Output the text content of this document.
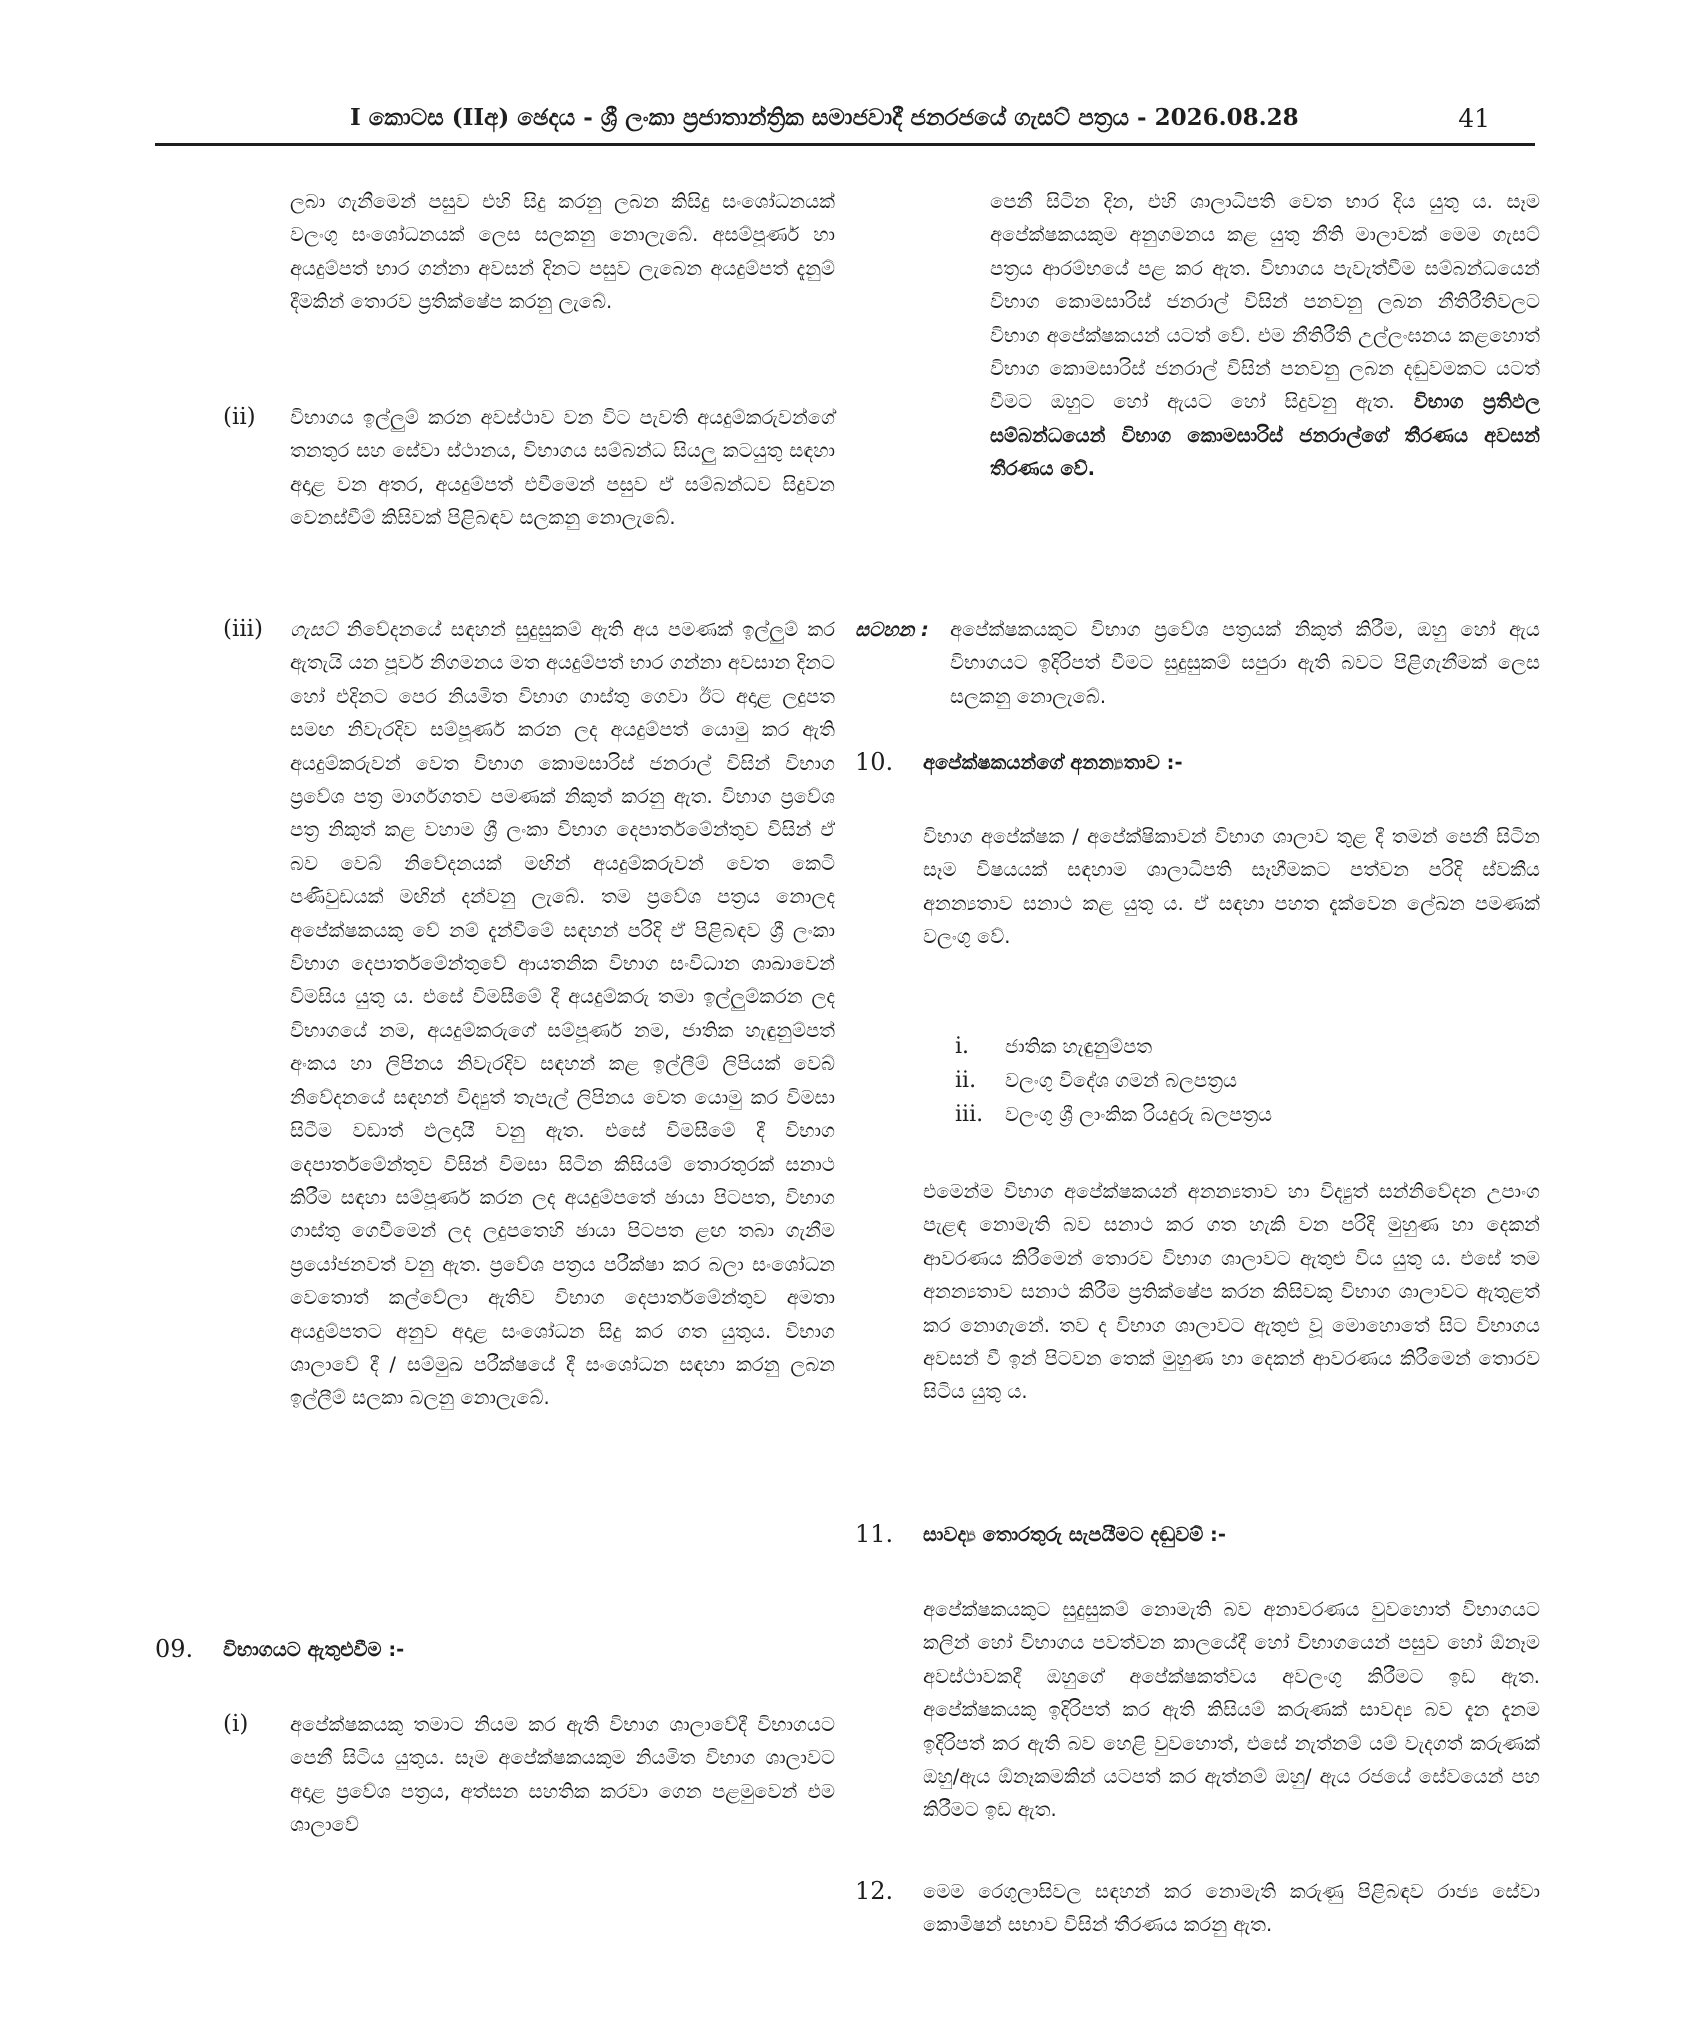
I කොටස (IIඅ) ඡෙදය - ශ්‍රී ලංකා ප්‍රජාතාන්ත්‍රික සමාජවාදී ජනරජයේ ගැසට් පත්‍රය - 2026.08.28	41

ලබා ගැනීමෙන් පසුව එහි සිදු කරනු ලබන කිසිදු සංශෝධනයක් වලංගු සංශෝධනයක් ලෙස සලකනු නොලැබේ. අසම්පූර්ණ හා අයදුම්පත් භාර ගන්නා අවසන් දිනට පසුව ලැබෙන අයදුම්පත් දැනුම් දීමකින් තොරව ප්‍රතික්ෂේප කරනු ලැබේ.

(ii) විභාගය ඉල්ලුම් කරන අවස්ථාව වන විට පැවති අයදුම්කරුවන්ගේ තනතුර සහ සේවා ස්ථානය, විභාගය සම්බන්ධ සියලු කටයුතු සඳහා අදාළ වන අතර, අයදුම්පත් එවීමෙන් පසුව ඒ සම්බන්ධව සිදුවන වෙනස්වීම් කිසිවක් පිළිබඳව සලකනු නොලැබේ.

(iii) ගැසට් නිවේදනයේ සඳහන් සුදුසුකම් ඇති අය පමණක් ඉල්ලුම් කර ඇතැයි යන පූර්ව නිගමනය මත අයදුම්පත් භාර ගන්නා අවසාන දිනට හෝ එදිනට පෙර නියමිත විභාග ගාස්තු ගෙවා ඊට අදාළ ලදුපත සමඟ නිවැරදිව සම්පූර්ණ කරන ලද අයදුම්පත් යොමු කර ඇති අයදුම්කරුවන් වෙත විභාග කොමසාරිස් ජනරාල් විසින් විභාග ප්‍රවේශ පත්‍ර මාර්ගගතව පමණක් නිකුත් කරනු ඇත. විභාග ප්‍රවේශ පත්‍ර නිකුත් කළ වහාම ශ්‍රී ලංකා විභාග දෙපාර්තමේන්තුව විසින් ඒ බව වෙබ් නිවේදනයක් මඟින් අයදුම්කරුවන් වෙත කෙටි පණිවුඩයක් මඟින් දන්වනු ලැබේ. තම ප්‍රවේශ පත්‍රය නොලද අපේක්ෂකයකු වේ නම් දැන්වීමේ සඳහන් පරිදි ඒ පිළිබඳව ශ්‍රී ලංකා විභාග දෙපාර්තමේන්තුවේ ආයතනික විභාග සංවිධාන ශාඛාවෙන් විමසිය යුතු ය. එසේ විමසීමේ දී අයදුම්කරු තමා ඉල්ලුම්කරන ලද විභාගයේ නම, අයදුම්කරුගේ සම්පූර්ණ නම, ජාතික හැඳුනුම්පත් අංකය හා ලිපිනය නිවැරදිව සඳහන් කළ ඉල්ලීම් ලිපියක් වෙබ් නිවේදනයේ සඳහන් විද්‍යුත් තැපැල් ලිපිනය වෙත යොමු කර විමසා සිටීම වඩාත් ඵලදායී වනු ඇත. එසේ විමසීමේ දී විභාග දෙපාර්තමේන්තුව විසින් විමසා සිටින කිසියම් තොරතුරක් සනාථ කිරීම සඳහා සම්පූර්ණ කරන ලද අයදුම්පතේ ඡායා පිටපත, විභාග ගාස්තු ගෙවීමෙන් ලද ලදුපතෙහි ඡායා පිටපත ළඟ තබා ගැනීම ප්‍රයෝජනවත් වනු ඇත. ප්‍රවේශ පත්‍රය පරීක්ෂා කර බලා සංශෝධන වෙතොත් කල්වේලා ඇතිව විභාග දෙපාර්තමේන්තුව අමතා අයදුම්පතට අනුව අදාළ සංශෝධන සිදු කර ගත යුතුය. විභාග ශාලාවේ දී / සම්මුඛ පරීක්ෂයේ දී සංශෝධන සඳහා කරනු ලබන ඉල්ලීම් සලකා බලනු නොලැබේ.

09. විභාගයට ඇතුළුවීම :-
(i) අපේක්ෂකයකු තමාට නියම කර ඇති විභාග ශාලාවේදී විභාගයට පෙනී සිටිය යුතුය. සෑම අපේක්ෂකයකුම නියමිත විභාග ශාලාවට අදාළ ප්‍රවේශ පත්‍රය, අත්සන සහතික කරවා ගෙන පළමුවෙන් එම ශාලාවේ

පෙනී සිටින දින, එහි ශාලාධිපති වෙත භාර දිය යුතු ය. සෑම අපේක්ෂකයකුම අනුගමනය කළ යුතු නීති මාලාවක් මෙම ගැසට් පත්‍රය ආරම්භයේ පළ කර ඇත. විභාගය පැවැත්වීම සම්බන්ධයෙන් විභාග කොමසාරිස් ජනරාල් විසින් පනවනු ලබන නීතිරීතිවලට විභාග අපේක්ෂකයන් යටත් වේ. එම නීතිරීති උල්ලංඝනය කළහොත් විභාග කොමසාරිස් ජනරාල් විසින් පනවනු ලබන දඬුවමකට යටත් වීමට ඔහුට හෝ ඇයට හෝ සිදුවනු ඇත. විභාග ප්‍රතිඵල සම්බන්ධයෙන් විභාග කොමසාරිස් ජනරාල්ගේ තීරණය අවසන් තීරණය වේ.

සටහන : අපේක්ෂකයකුට විභාග ප්‍රවේශ පත්‍රයක් නිකුත් කිරීම, ඔහු හෝ ඇය විභාගයට ඉදිරිපත් වීමට සුදුසුකම් සපුරා ඇති බවට පිළිගැනීමක් ලෙස සලකනු නොලැබේ.

10. අපේක්ෂකයන්ගේ අනන්‍යතාව :-

විභාග අපේක්ෂක / අපේක්ෂිකාවන් විභාග ශාලාව තුළ දී තමන් පෙනී සිටින සෑම විෂයයක් සඳහාම ශාලාධිපති සෑහීමකට පත්වන පරිදි ස්වකීය අනන්‍යතාව සනාථ කළ යුතු ය. ඒ සඳහා පහත දැක්වෙන ලේඛන පමණක් වලංගු වේ.

i. ජාතික හැඳුනුම්පත
ii. වලංගු විදේශ ගමන් බලපත්‍රය
iii. වලංගු ශ්‍රී ලාංකික රියදුරු බලපත්‍රය

එමෙන්ම විභාග අපේක්ෂකයන් අනන්‍යතාව හා විද්‍යුත් සන්නිවේදන උපාංග පැළඳ නොමැති බව සනාථ කර ගත හැකි වන පරිදි මුහුණ හා දෙකන් ආවරණය කිරීමෙන් තොරව විභාග ශාලාවට ඇතුළු විය යුතු ය. එසේ තම අනන්‍යතාව සනාථ කිරීම ප්‍රතික්ෂේප කරන කිසිවකු විභාග ශාලාවට ඇතුළත් කර නොගැනේ. තව ද විභාග ශාලාවට ඇතුළු වූ මොහොතේ සිට විභාගය අවසන් වී ඉන් පිටවන තෙක් මුහුණ හා දෙකන් ආවරණය කිරීමෙන් තොරව සිටිය යුතු ය.

11. සාවද්‍ය තොරතුරු සැපයීමට දඬුවම් :-

අපේක්ෂකයකුට සුදුසුකම් නොමැති බව අනාවරණය වුවහොත් විභාගයට කලින් හෝ විභාගය පවත්වන කාලයේදී හෝ විභාගයෙන් පසුව හෝ ඕනෑම අවස්ථාවකදී ඔහුගේ අපේක්ෂකත්වය අවලංගු කිරීමට ඉඩ ඇත. අපේක්ෂකයකු ඉදිරිපත් කර ඇති කිසියම් කරුණක් සාවද්‍ය බව දැන දැනම ඉදිරිපත් කර ඇති බව හෙළි වුවහොත්, එසේ නැත්නම් යම් වැදගත් කරුණක් ඔහු/ඇය ඕනෑකමකින් යටපත් කර ඇත්නම් ඔහු/ ඇය රජයේ සේවයෙන් පහ කිරීමට ඉඩ ඇත.

12. මෙම රෙගුලාසිවල සඳහන් කර නොමැති කරුණු පිළිබඳව රාජ්‍ය සේවා කොමිෂන් සභාව විසින් තීරණය කරනු ඇත.
